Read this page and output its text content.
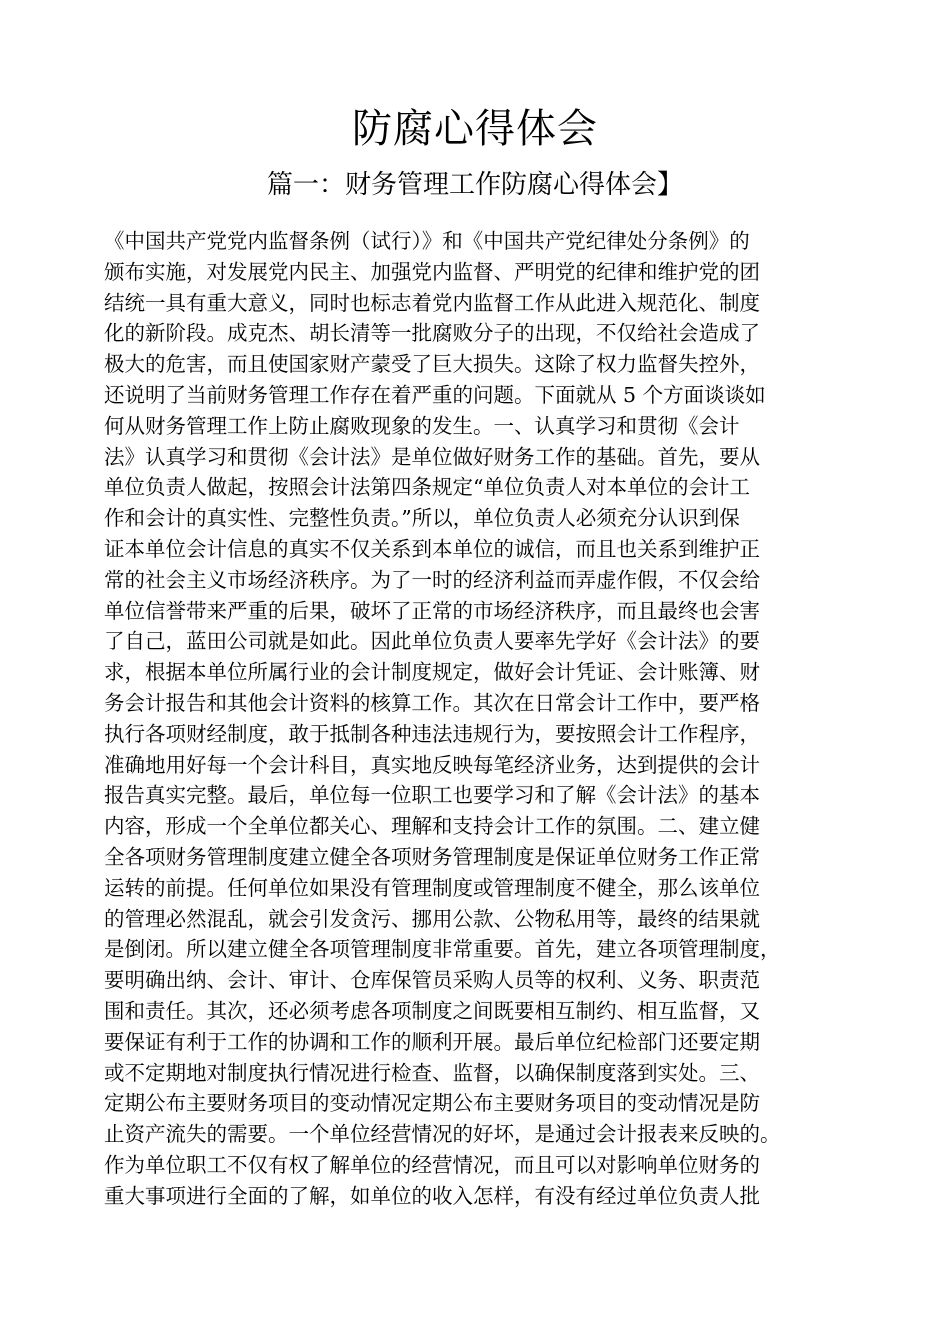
防腐心得体会
篇一：财务管理工作防腐心得体会】
《中国共产党党内监督条例（试行）》和《中国共产党纪律处分条例》的
颁布实施，对发展党内民主、加强党内监督、严明党的纪律和维护党的团
结统一具有重大意义，同时也标志着党内监督工作从此进入规范化、制度
化的新阶段。成克杰、胡长清等一批腐败分子的出现，不仅给社会造成了
极大的危害，而且使国家财产蒙受了巨大损失。这除了权力监督失控外，
还说明了当前财务管理工作存在着严重的问题。下面就从 5 个方面谈谈如
何从财务管理工作上防止腐败现象的发生。一、认真学习和贯彻《会计
法》认真学习和贯彻《会计法》是单位做好财务工作的基础。首先，要从
单位负责人做起，按照会计法第四条规定“单位负责人对本单位的会计工
作和会计的真实性、完整性负责。”所以，单位负责人必须充分认识到保
证本单位会计信息的真实不仅关系到本单位的诚信，而且也关系到维护正
常的社会主义市场经济秩序。为了一时的经济利益而弄虚作假，不仅会给
单位信誉带来严重的后果，破坏了正常的市场经济秩序，而且最终也会害
了自己，蓝田公司就是如此。因此单位负责人要率先学好《会计法》的要
求，根据本单位所属行业的会计制度规定，做好会计凭证、会计账簿、财
务会计报告和其他会计资料的核算工作。其次在日常会计工作中，要严格
执行各项财经制度，敢于抵制各种违法违规行为，要按照会计工作程序，
准确地用好每一个会计科目，真实地反映每笔经济业务，达到提供的会计
报告真实完整。最后，单位每一位职工也要学习和了解《会计法》的基本
内容，形成一个全单位都关心、理解和支持会计工作的氛围。二、建立健
全各项财务管理制度建立健全各项财务管理制度是保证单位财务工作正常
运转的前提。任何单位如果没有管理制度或管理制度不健全，那么该单位
的管理必然混乱，就会引发贪污、挪用公款、公物私用等，最终的结果就
是倒闭。所以建立健全各项管理制度非常重要。首先，建立各项管理制度，
要明确出纳、会计、审计、仓库保管员采购人员等的权利、义务、职责范
围和责任。其次，还必须考虑各项制度之间既要相互制约、相互监督，又
要保证有利于工作的协调和工作的顺利开展。最后单位纪检部门还要定期
或不定期地对制度执行情况进行检查、监督，以确保制度落到实处。三、
定期公布主要财务项目的变动情况定期公布主要财务项目的变动情况是防
止资产流失的需要。一个单位经营情况的好坏，是通过会计报表来反映的。
作为单位职工不仅有权了解单位的经营情况，而且可以对影响单位财务的
重大事项进行全面的了解，如单位的收入怎样，有没有经过单位负责人批
